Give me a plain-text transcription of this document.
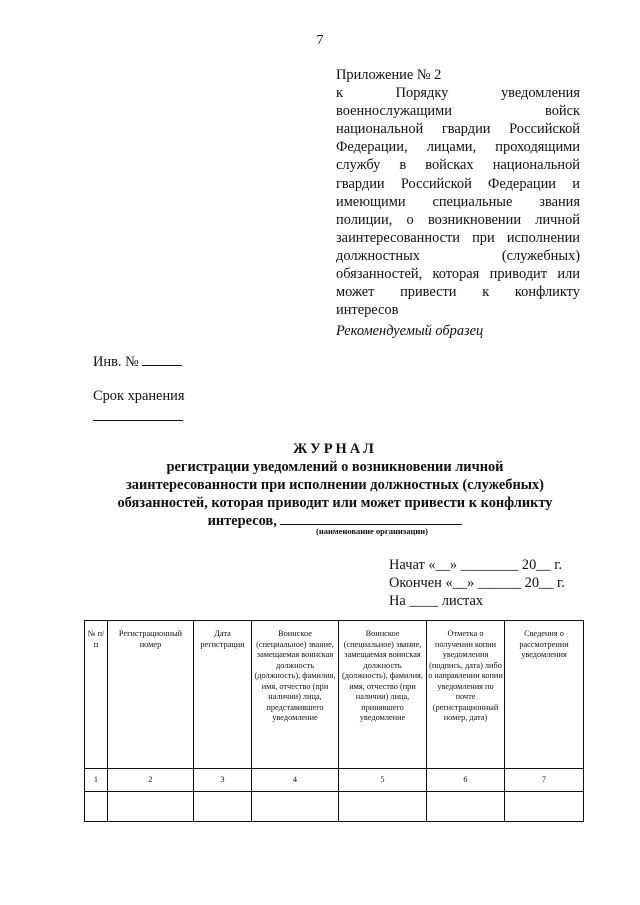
7
Приложение № 2
к	Порядку	уведомления
военнослужащими	войск
национальной гвардии Российской
Федерации, лицами, проходящими
службу в войсках национальной
гвардии Российской Федерации и
имеющими специальные звания
полиции, о возникновении личной
заинтересованности при исполнении
должностных	(служебных)
обязанностей, которая приводит или
может привести к конфликту
интересов
Рекомендуемый образец
Инв. №
Срок хранения
ЖУРНАЛ
регистрации уведомлений о возникновении личной
заинтересованности при исполнении должностных (служебных)
обязанностей, которая приводит или может привести к конфликту
интересов,
(наименование организации)
Начат «__» ________ 20__ г.
Окончен «__» ______ 20__ г.
На ____ листах
№ п/п	Регистрационный номер	Дата регистрации	Воинское (специальное) звание, замещаемая воинская должность (должность), фамилия, имя, отчество (при наличии) лица, представившего уведомление	Воинское (специальное) звание, замещаемая воинская должность (должность), фамилия, имя, отчество (при наличии) лица, принявшего уведомление	Отметка о получении копии уведомления (подпись, дата) либо о направлении копии уведомления по почте (регистрационный номер, дата)	Сведения о рассмотрении уведомления
1	2	3	4	5	6	7
